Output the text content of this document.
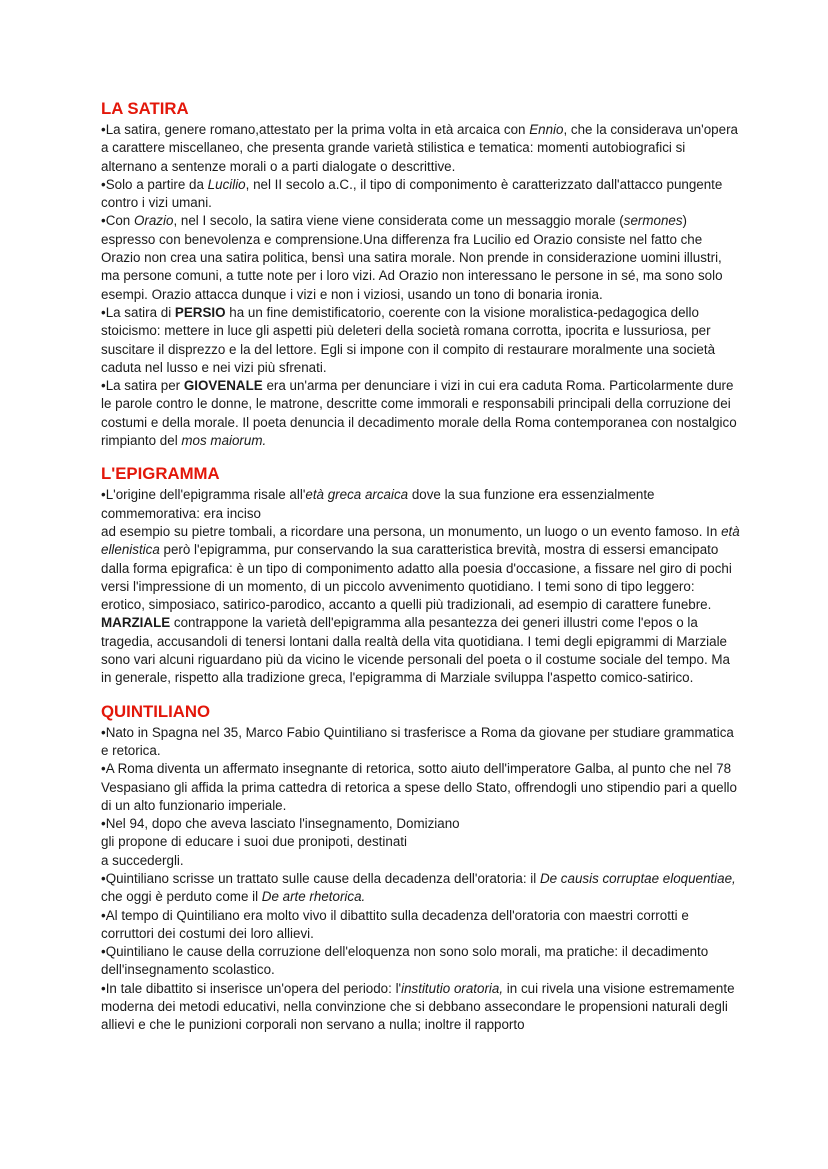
LA SATIRA

•La satira, genere romano,attestato per la prima volta in età arcaica con Ennio, che la considerava un'opera a carattere miscellaneo, che presenta grande varietà stilistica e tematica: momenti autobiografici si alternano a sentenze morali o a parti dialogate o descrittive.

•Solo a partire da Lucilio, nel II secolo a.C., il tipo di componimento è caratterizzato dall'attacco pungente contro i vizi umani.

•Con Orazio, nel I secolo, la satira viene viene considerata come un messaggio morale (sermones) espresso con benevolenza e comprensione.Una differenza fra Lucilio ed Orazio consiste nel fatto che Orazio non crea una satira politica, bensì una satira morale. Non prende in considerazione uomini illustri, ma persone comuni, a tutte note per i loro vizi. Ad Orazio non interessano le persone in sé, ma sono solo esempi. Orazio attacca dunque i vizi e non i viziosi, usando un tono di bonaria ironia.

•La satira di PERSIO ha un fine demistificatorio, coerente con la visione moralistica-pedagogica dello stoicismo: mettere in luce gli aspetti più deleteri della società romana corrotta, ipocrita e lussuriosa, per suscitare il disprezzo e la del lettore. Egli si impone con il compito di restaurare moralmente una società caduta nel lusso e nei vizi più sfrenati.

•La satira per GIOVENALE era un'arma per denunciare i vizi in cui era caduta Roma. Particolarmente dure le parole contro le donne, le matrone, descritte come immorali e responsabili principali della corruzione dei costumi e della morale. Il poeta denuncia il decadimento morale della Roma contemporanea con nostalgico rimpianto del mos maiorum.

L'EPIGRAMMA

•L'origine dell'epigramma risale all'età greca arcaica dove la sua funzione era essenzialmente commemorativa: era inciso

ad esempio su pietre tombali, a ricordare una persona, un monumento, un luogo o un evento famoso. In età ellenistica però l'epigramma, pur conservando la sua caratteristica brevità, mostra di essersi emancipato dalla forma epigrafica: è un tipo di componimento adatto alla poesia d'occasione, a fissare nel giro di pochi versi l'impressione di un momento, di un piccolo avvenimento quotidiano. I temi sono di tipo leggero: erotico, simposiaco, satirico-parodico, accanto a quelli più tradizionali, ad esempio di carattere funebre. MARZIALE contrappone la varietà dell'epigramma alla pesantezza dei generi illustri come l'epos o la tragedia, accusandoli di tenersi lontani dalla realtà della vita quotidiana. I temi degli epigrammi di Marziale sono vari alcuni riguardano più da vicino le vicende personali del poeta o il costume sociale del tempo. Ma in generale, rispetto alla tradizione greca, l'epigramma di Marziale sviluppa l'aspetto comico-satirico.

QUINTILIANO

•Nato in Spagna nel 35, Marco Fabio Quintiliano si trasferisce a Roma da giovane per studiare grammatica e retorica.

•A Roma diventa un affermato insegnante di retorica, sotto aiuto dell'imperatore Galba, al punto che nel 78 Vespasiano gli affida la prima cattedra di retorica a spese dello Stato, offrendogli uno stipendio pari a quello di un alto funzionario imperiale.

•Nel 94, dopo che aveva lasciato l'insegnamento, Domiziano

gli propone di educare i suoi due pronipoti, destinati

a succedergli.

•Quintiliano scrisse un trattato sulle cause della decadenza dell'oratoria: il De causis corruptae eloquentiae, che oggi è perduto come il De arte rhetorica.

•Al tempo di Quintiliano era molto vivo il dibattito sulla decadenza dell'oratoria con maestri corrotti e corruttori dei costumi dei loro allievi.

•Quintiliano le cause della corruzione dell'eloquenza non sono solo morali, ma pratiche: il decadimento dell'insegnamento scolastico.

•In tale dibattito si inserisce un'opera del periodo: l'institutio oratoria, in cui rivela una visione estremamente moderna dei metodi educativi, nella convinzione che si debbano assecondare le propensioni naturali degli allievi e che le punizioni corporali non servano a nulla; inoltre il rapporto
